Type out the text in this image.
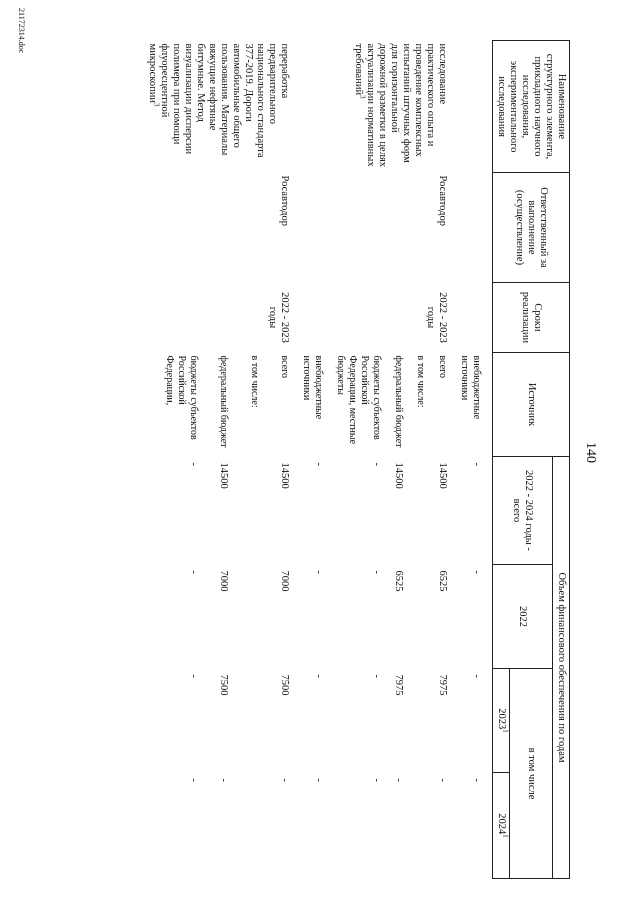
140
Наименование структурного элемента, прикладного научного исследования, экспериментального исследования	Ответственный за выполнение (осуществление)	Сроки реализации	Источник	Объем финансового обеспечения по годам			
				2022 - 2024 годы - всего	2022	в том числе	
						2023$^1$	2024$^1$
			внебюджетные источники	-	-	-	-
исследование практического опыта и проведение комплексных испытаний штучных форм для горизонтальной дорожной разметки в целях актуализации нормативных требований$^3$	Росавтодор	2022 - 2023 годы	всего	14500	6525	7975	-
			в том числе:				
			федеральный бюджет	14500	6525	7975	-
			бюджеты субъектов Российской Федерации, местные бюджеты	-	-	-	-
			внебюджетные источники	-	-	-	-
переработка предварительного национального стандарта 377-2019. Дороги автомобильные общего пользования. Материалы вяжущие нефтяные битумные. Метод визуализации дисперсии полимера при помощи флуоресцентной микроскопии$^3$	Росавтодор	2022 - 2023 годы	всего	14500	7000	7500	-
			в том числе:				
			федеральный бюджет	14500	7000	7500	-
			бюджеты субъектов Российской Федерации,	-	-	-	-
21172314.doc
